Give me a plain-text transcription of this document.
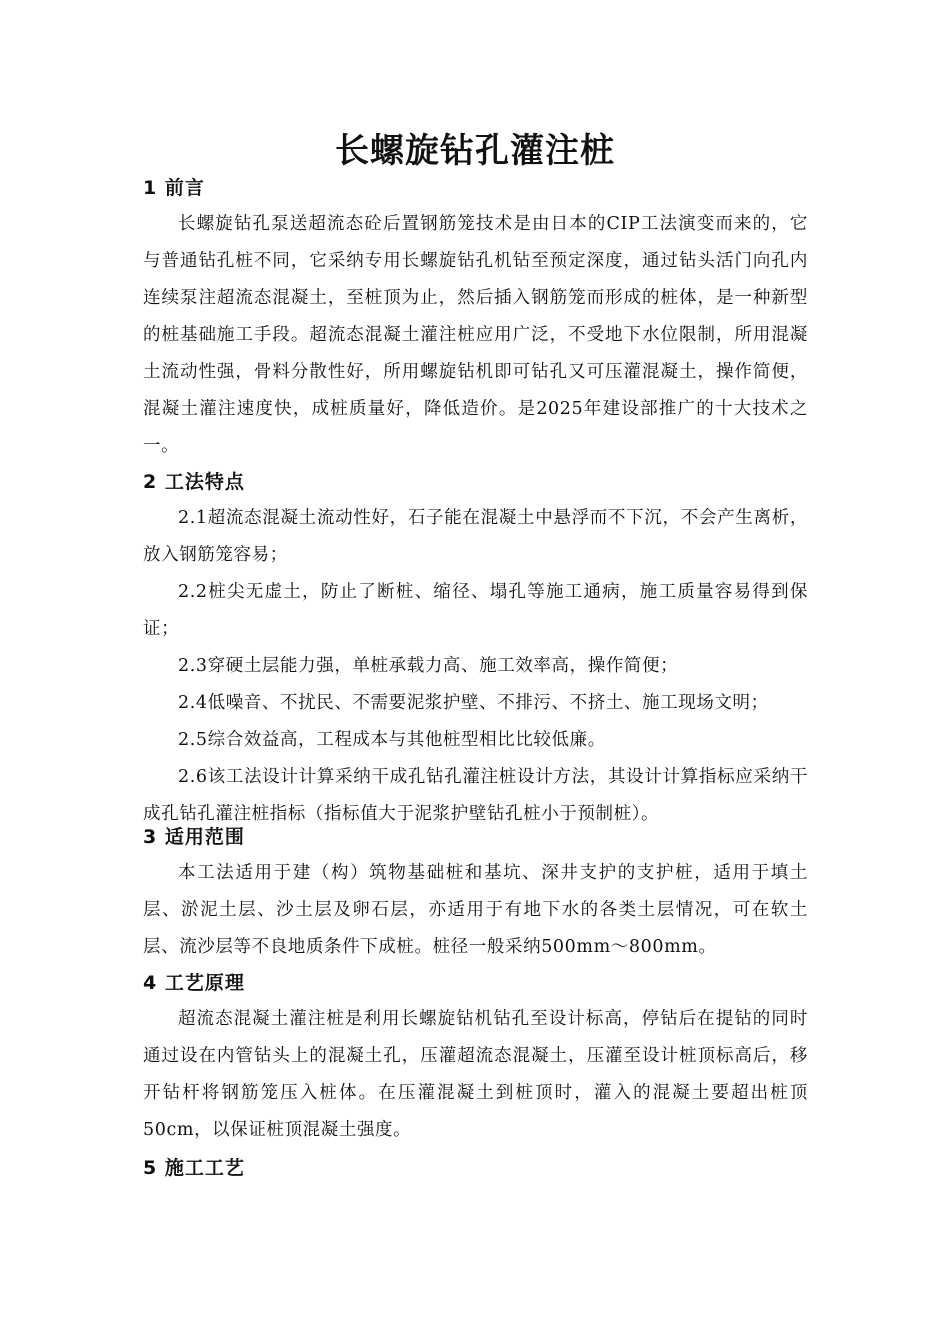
长螺旋钻孔灌注桩
1 前言

长螺旋钻孔泵送超流态砼后置钢筋笼技术是由日本的CIP工法演变而来的，它与普通钻孔桩不同，它采纳专用长螺旋钻孔机钻至预定深度，通过钻头活门向孔内连续泵注超流态混凝土，至桩顶为止，然后插入钢筋笼而形成的桩体，是一种新型的桩基础施工手段。超流态混凝土灌注桩应用广泛，不受地下水位限制，所用混凝土流动性强，骨料分散性好，所用螺旋钻机即可钻孔又可压灌混凝土，操作简便，混凝土灌注速度快，成桩质量好，降低造价。是2025年建设部推广的十大技术之一。

2 工法特点

2.1超流态混凝土流动性好，石子能在混凝土中悬浮而不下沉，不会产生离析，放入钢筋笼容易；

2.2桩尖无虚土，防止了断桩、缩径、塌孔等施工通病，施工质量容易得到保证；

2.3穿硬土层能力强，单桩承载力高、施工效率高，操作简便；

2.4低噪音、不扰民、不需要泥浆护壁、不排污、不挤土、施工现场文明；

2.5综合效益高，工程成本与其他桩型相比比较低廉。

2.6该工法设计计算采纳干成孔钻孔灌注桩设计方法，其设计计算指标应采纳干成孔钻孔灌注桩指标（指标值大于泥浆护壁钻孔桩小于预制桩）。

3 适用范围

本工法适用于建（构）筑物基础桩和基坑、深井支护的支护桩，适用于填土层、淤泥土层、沙土层及卵石层，亦适用于有地下水的各类土层情况，可在软土层、流沙层等不良地质条件下成桩。桩径一般采纳500mm～800mm。

4 工艺原理

超流态混凝土灌注桩是利用长螺旋钻机钻孔至设计标高，停钻后在提钻的同时通过设在内管钻头上的混凝土孔，压灌超流态混凝土，压灌至设计桩顶标高后，移开钻杆将钢筋笼压入桩体。在压灌混凝土到桩顶时，灌入的混凝土要超出桩顶50cm，以保证桩顶混凝土强度。

5 施工工艺
